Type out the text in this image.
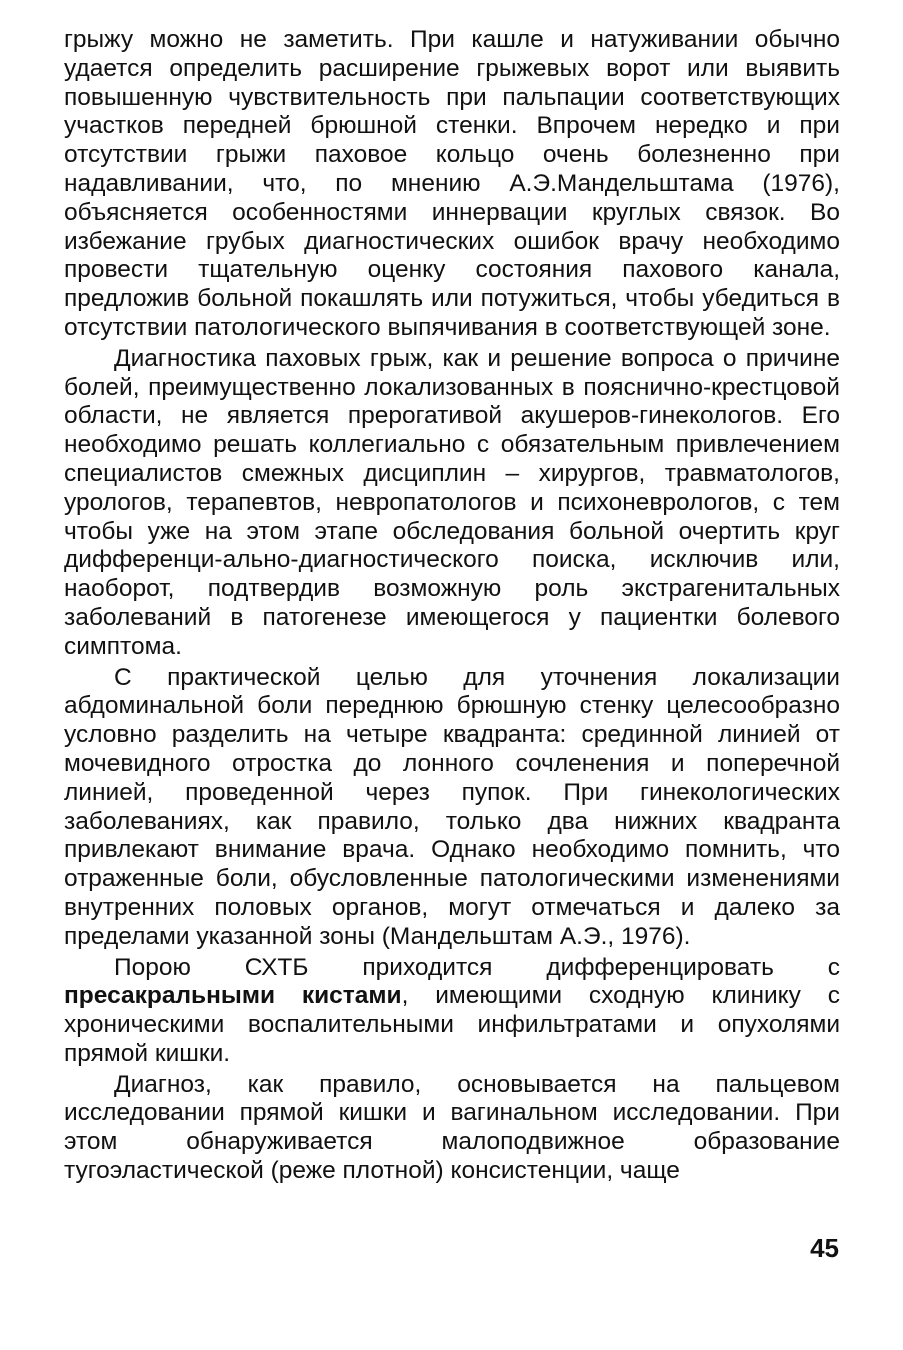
грыжу можно не заметить. При кашле и натуживании обычно удается определить расширение грыжевых ворот или выявить повышенную чувствительность при пальпации соответствующих участков передней брюшной стенки. Впрочем нередко и при отсутствии грыжи паховое кольцо очень болезненно при надавливании, что, по мнению А.Э.Мандельштама (1976), объясняется особенностями иннервации круглых связок. Во избежание грубых диагностических ошибок врачу необходимо провести тщательную оценку состояния пахового канала, предложив больной покашлять или потужиться, чтобы убедиться в отсутствии патологического выпячивания в соответствующей зоне.

Диагностика паховых грыж, как и решение вопроса о причине болей, преимущественно локализованных в пояснично-крестцовой области, не является прерогативой акушеров-гинекологов. Его необходимо решать коллегиально с обязательным привлечением специалистов смежных дисциплин – хирургов, травматологов, урологов, терапевтов, невропатологов и психоневрологов, с тем чтобы уже на этом этапе обследования больной очертить круг дифференци-ально-диагностического поиска, исключив или, наоборот, подтвердив возможную роль экстрагенитальных заболеваний в патогенезе имеющегося у пациентки болевого симптома.

С практической целью для уточнения локализации абдоминальной боли переднюю брюшную стенку целесообразно условно разделить на четыре квадранта: срединной линией от мочевидного отростка до лонного сочленения и поперечной линией, проведенной через пупок. При гинекологических заболеваниях, как правило, только два нижних квадранта привлекают внимание врача. Однако необходимо помнить, что отраженные боли, обусловленные патологическими изменениями внутренних половых органов, могут отмечаться и далеко за пределами указанной зоны (Мандельштам А.Э., 1976).

Порою СХТБ приходится дифференцировать с пресакральными кистами, имеющими сходную клинику с хроническими воспалительными инфильтратами и опухолями прямой кишки.

Диагноз, как правило, основывается на пальцевом исследовании прямой кишки и вагинальном исследовании. При этом обнаруживается малоподвижное образование тугоэластической (реже плотной) консистенции, чаще

45
